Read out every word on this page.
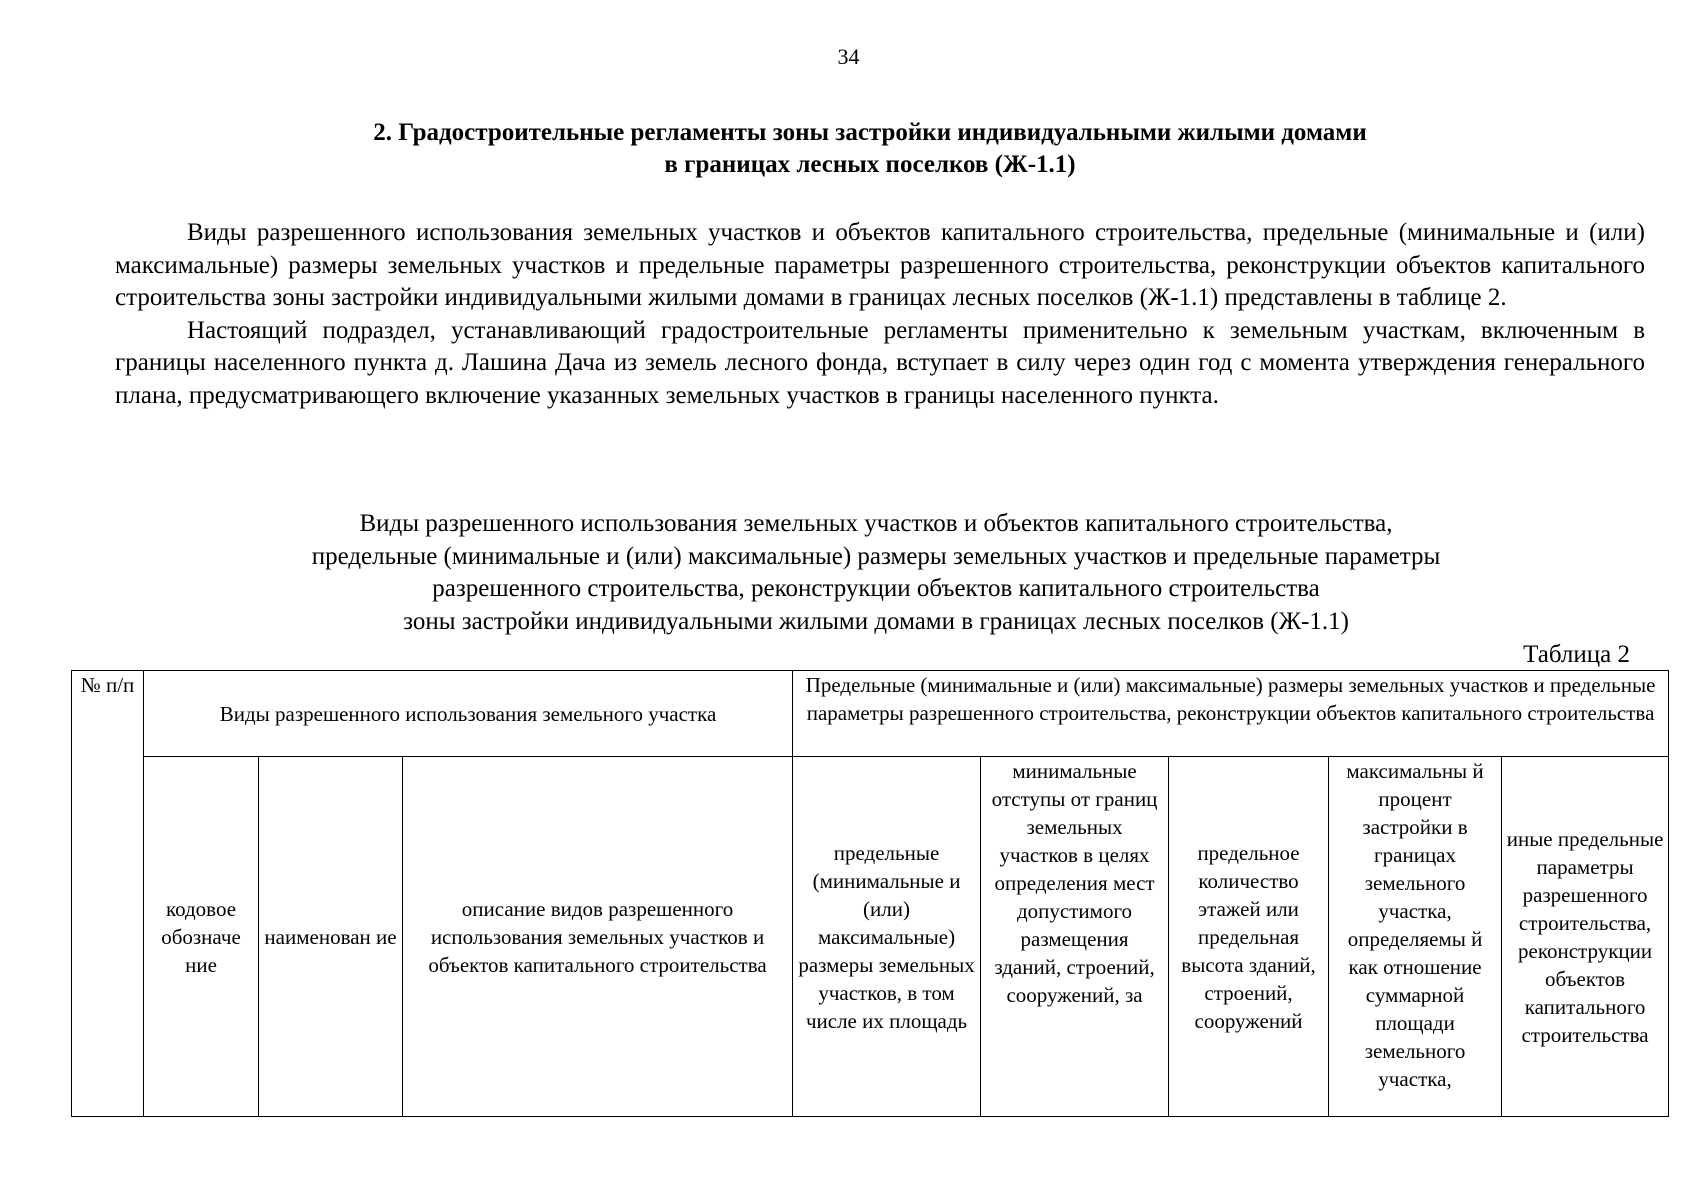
34
2. Градостроительные регламенты зоны застройки индивидуальными жилыми домами
в границах лесных поселков (Ж-1.1)

Виды разрешенного использования земельных участков и объектов капитального строительства, предельные (минимальные и (или) максимальные) размеры земельных участков и предельные параметры разрешенного строительства, реконструкции объектов капитального строительства зоны застройки индивидуальными жилыми домами в границах лесных поселков (Ж-1.1) представлены в таблице 2.

Настоящий подраздел, устанавливающий градостроительные регламенты применительно к земельным участкам, включенным в границы населенного пункта д. Лашина Дача из земель лесного фонда, вступает в силу через один год с момента утверждения генерального плана, предусматривающего включение указанных земельных участков в границы населенного пункта.

Виды разрешенного использования земельных участков и объектов капитального строительства,
предельные (минимальные и (или) максимальные) размеры земельных участков и предельные параметры
разрешенного строительства, реконструкции объектов капитального строительства
зоны застройки индивидуальными жилыми домами в границах лесных поселков (Ж-1.1)
Таблица 2
№ п/п	Виды разрешенного использования земельного участка			Предельные (минимальные и (или) максимальные) размеры земельных участков и предельные параметры разрешенного строительства, реконструкции объектов капитального строительства				
	кодовое обозначе ние	наименован ие	описание видов разрешенного использования земельных участков и объектов капитального строительства	предельные (минимальные и (или) максимальные) размеры земельных участков, в том числе их площадь	минимальные отступы от границ земельных участков в целях определения мест допустимого размещения зданий, строений, сооружений, за	предельное количество этажей или предельная высота зданий, строений, сооружений	максимальны й процент застройки в границах земельного участка, определяемы й как отношение суммарной площади земельного участка,	иные предельные параметры разрешенного строительства, реконструкции объектов капитального строительства
